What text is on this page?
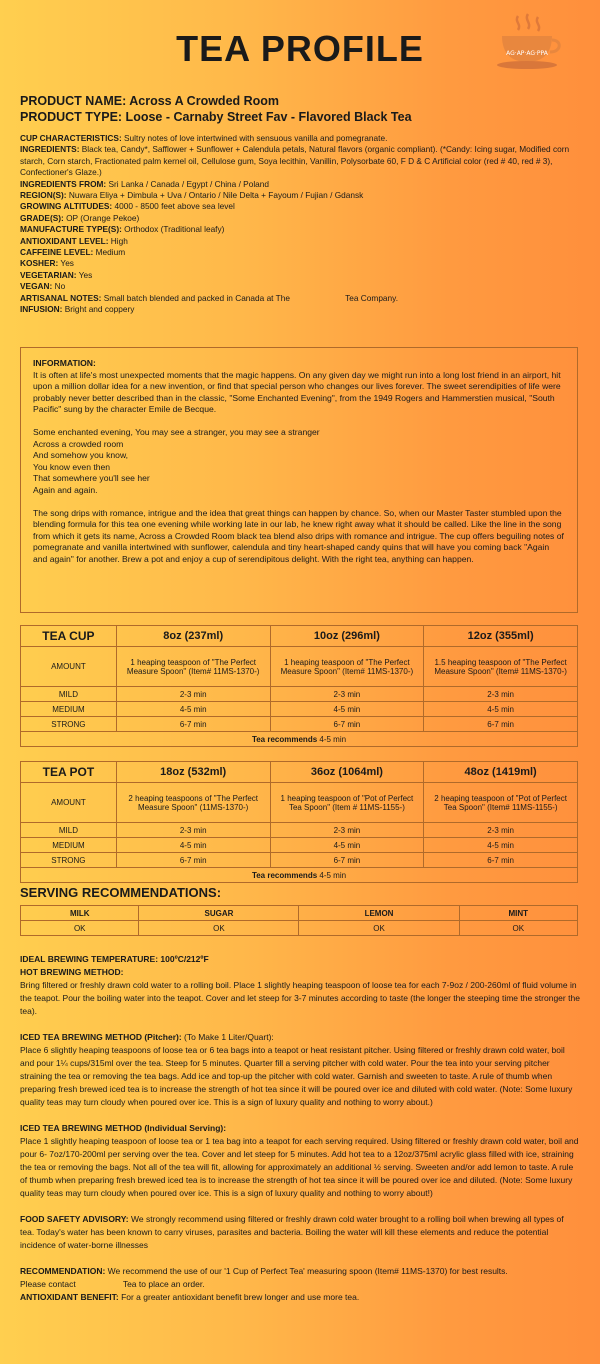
TEA PROFILE	AG·AP·AG·PPA
PRODUCT NAME: Across A Crowded Room
PRODUCT TYPE: Loose - Carnaby Street Fav - Flavored Black Tea
CUP CHARACTERISTICS: Sultry notes of love intertwined with sensuous vanilla and pomegranate.
INGREDIENTS: Black tea, Candy*, Safflower + Sunflower + Calendula petals, Natural flavors (organic compliant). (*Candy: Icing sugar, Modified corn starch, Corn starch, Fractionated palm kernel oil, Cellulose gum, Soya lecithin, Vanillin, Polysorbate 60, F D & C Artificial color (red # 40, red # 3), Confectioner's Glaze.)
INGREDIENTS FROM: Sri Lanka / Canada / Egypt / China / Poland
REGION(S): Nuwara Eliya + Dimbula + Uva / Ontario / Nile Delta + Fayoum / Fujian / Gdansk
GROWING ALTITUDES: 4000 - 8500 feet above sea level
GRADE(S): OP (Orange Pekoe)
MANUFACTURE TYPE(S): Orthodox (Traditional leafy)
ANTIOXIDANT LEVEL: High
CAFFEINE LEVEL: Medium
KOSHER: Yes
VEGETARIAN: Yes
VEGAN: No
ARTISANAL NOTES: Small batch blended and packed in Canada at The                        Tea Company.
INFUSION: Bright and coppery

INFORMATION:

It is often at life's most unexpected moments that the magic happens. On any given day we might run into a long lost friend in an airport, hit upon a million dollar idea for a new invention, or find that special person who changes our lives forever. The sweet serendipities of life were probably never better described than in the classic, "Some Enchanted Evening", from the 1949 Rogers and Hammerstien musical, "South Pacific" sung by the character Emile de Becque.

Some enchanted evening, You may see a stranger, you may see a stranger
Across a crowded room
And somehow you know,
You know even then
That somewhere you'll see her
Again and again.

The song drips with romance, intrigue and the idea that great things can happen by chance. So, when our Master Taster stumbled upon the blending formula for this tea one evening while working late in our lab, he knew right away what it should be called. Like the line in the song from which it gets its name, Across a Crowded Room black tea blend also drips with romance and intrigue. The cup offers beguiling notes of pomegranate and vanilla intertwined with sunflower, calendula and tiny heart-shaped candy quins that will have you coming back "Again and again" for another. Brew a pot and enjoy a cup of serendipitous delight. With the right tea, anything can happen.

TEA CUP	8oz (237ml)	10oz (296ml)	12oz (355ml)
AMOUNT	1 heaping teaspoon of "The Perfect Measure Spoon" (Item# 11MS-1370-)	1 heaping teaspoon of "The Perfect Measure Spoon" (Item# 11MS-1370-)	1.5 heaping teaspoon of "The Perfect Measure Spoon" (Item# 11MS-1370-)
MILD	2-3 min	2-3 min	2-3 min
MEDIUM	4-5 min	4-5 min	4-5 min
STRONG	6-7 min	6-7 min	6-7 min
Tea recommends 4-5 min			
TEA POT	18oz (532ml)	36oz (1064ml)	48oz (1419ml)
AMOUNT	2 heaping teaspoons of "The Perfect Measure Spoon" (11MS-1370-)	1 heaping teaspoon of "Pot of Perfect Tea Spoon" (Item # 11MS-1155-)	2 heaping teaspoon of "Pot of Perfect Tea Spoon" (Item# 11MS-1155-)
MILD	2-3 min	2-3 min	2-3 min
MEDIUM	4-5 min	4-5 min	4-5 min
STRONG	6-7 min	6-7 min	6-7 min
Tea recommends 4-5 min			
SERVING RECOMMENDATIONS:
MILK	SUGAR	LEMON	MINT
OK	OK	OK	OK
IDEAL BREWING TEMPERATURE: 100ºC/212ºF
HOT BREWING METHOD:
Bring filtered or freshly drawn cold water to a rolling boil. Place 1 slightly heaping teaspoon of loose tea for each 7-9oz / 200-260ml of fluid volume in the teapot. Pour the boiling water into the teapot. Cover and let steep for 3-7 minutes according to taste (the longer the steeping time the stronger the tea).
ICED TEA BREWING METHOD (Pitcher): (To Make 1 Liter/Quart):
Place 6 slightly heaping teaspoons of loose tea or 6 tea bags into a teapot or heat resistant pitcher. Using filtered or freshly drawn cold water, boil and pour 1¼ cups/315ml over the tea. Steep for 5 minutes. Quarter fill a serving pitcher with cold water. Pour the tea into your serving pitcher straining the tea or removing the tea bags. Add ice and top-up the pitcher with cold water. Garnish and sweeten to taste. A rule of thumb when preparing fresh brewed iced tea is to increase the strength of hot tea since it will be poured over ice and diluted with cold water. (Note: Some luxury quality teas may turn cloudy when poured over ice. This is a sign of luxury quality and nothing to worry about.)
ICED TEA BREWING METHOD (Individual Serving):
Place 1 slightly heaping teaspoon of loose tea or 1 tea bag into a teapot for each serving required. Using filtered or freshly drawn cold water, boil and pour 6- 7oz/170-200ml per serving over the tea. Cover and let steep for 5 minutes. Add hot tea to a 12oz/375ml acrylic glass filled with ice, straining the tea or removing the bags. Not all of the tea will fit, allowing for approximately an additional ½ serving. Sweeten and/or add lemon to taste. A rule of thumb when preparing fresh brewed iced tea is to increase the strength of hot tea since it will be poured over ice and diluted. (Note: Some luxury quality teas may turn cloudy when poured over ice. This is a sign of luxury quality and nothing to worry about!)
FOOD SAFETY ADVISORY: We strongly recommend using filtered or freshly drawn cold water brought to a rolling boil when brewing all types of tea. Today's water has been known to carry viruses, parasites and bacteria. Boiling the water will kill these elements and reduce the potential incidence of water-borne illnesses
RECOMMENDATION: We recommend the use of our '1 Cup of Perfect Tea' measuring spoon (Item# 11MS-1370) for best results.
Please contact                    Tea to place an order.
ANTIOXIDANT BENEFIT: For a greater antioxidant benefit brew longer and use more tea.
